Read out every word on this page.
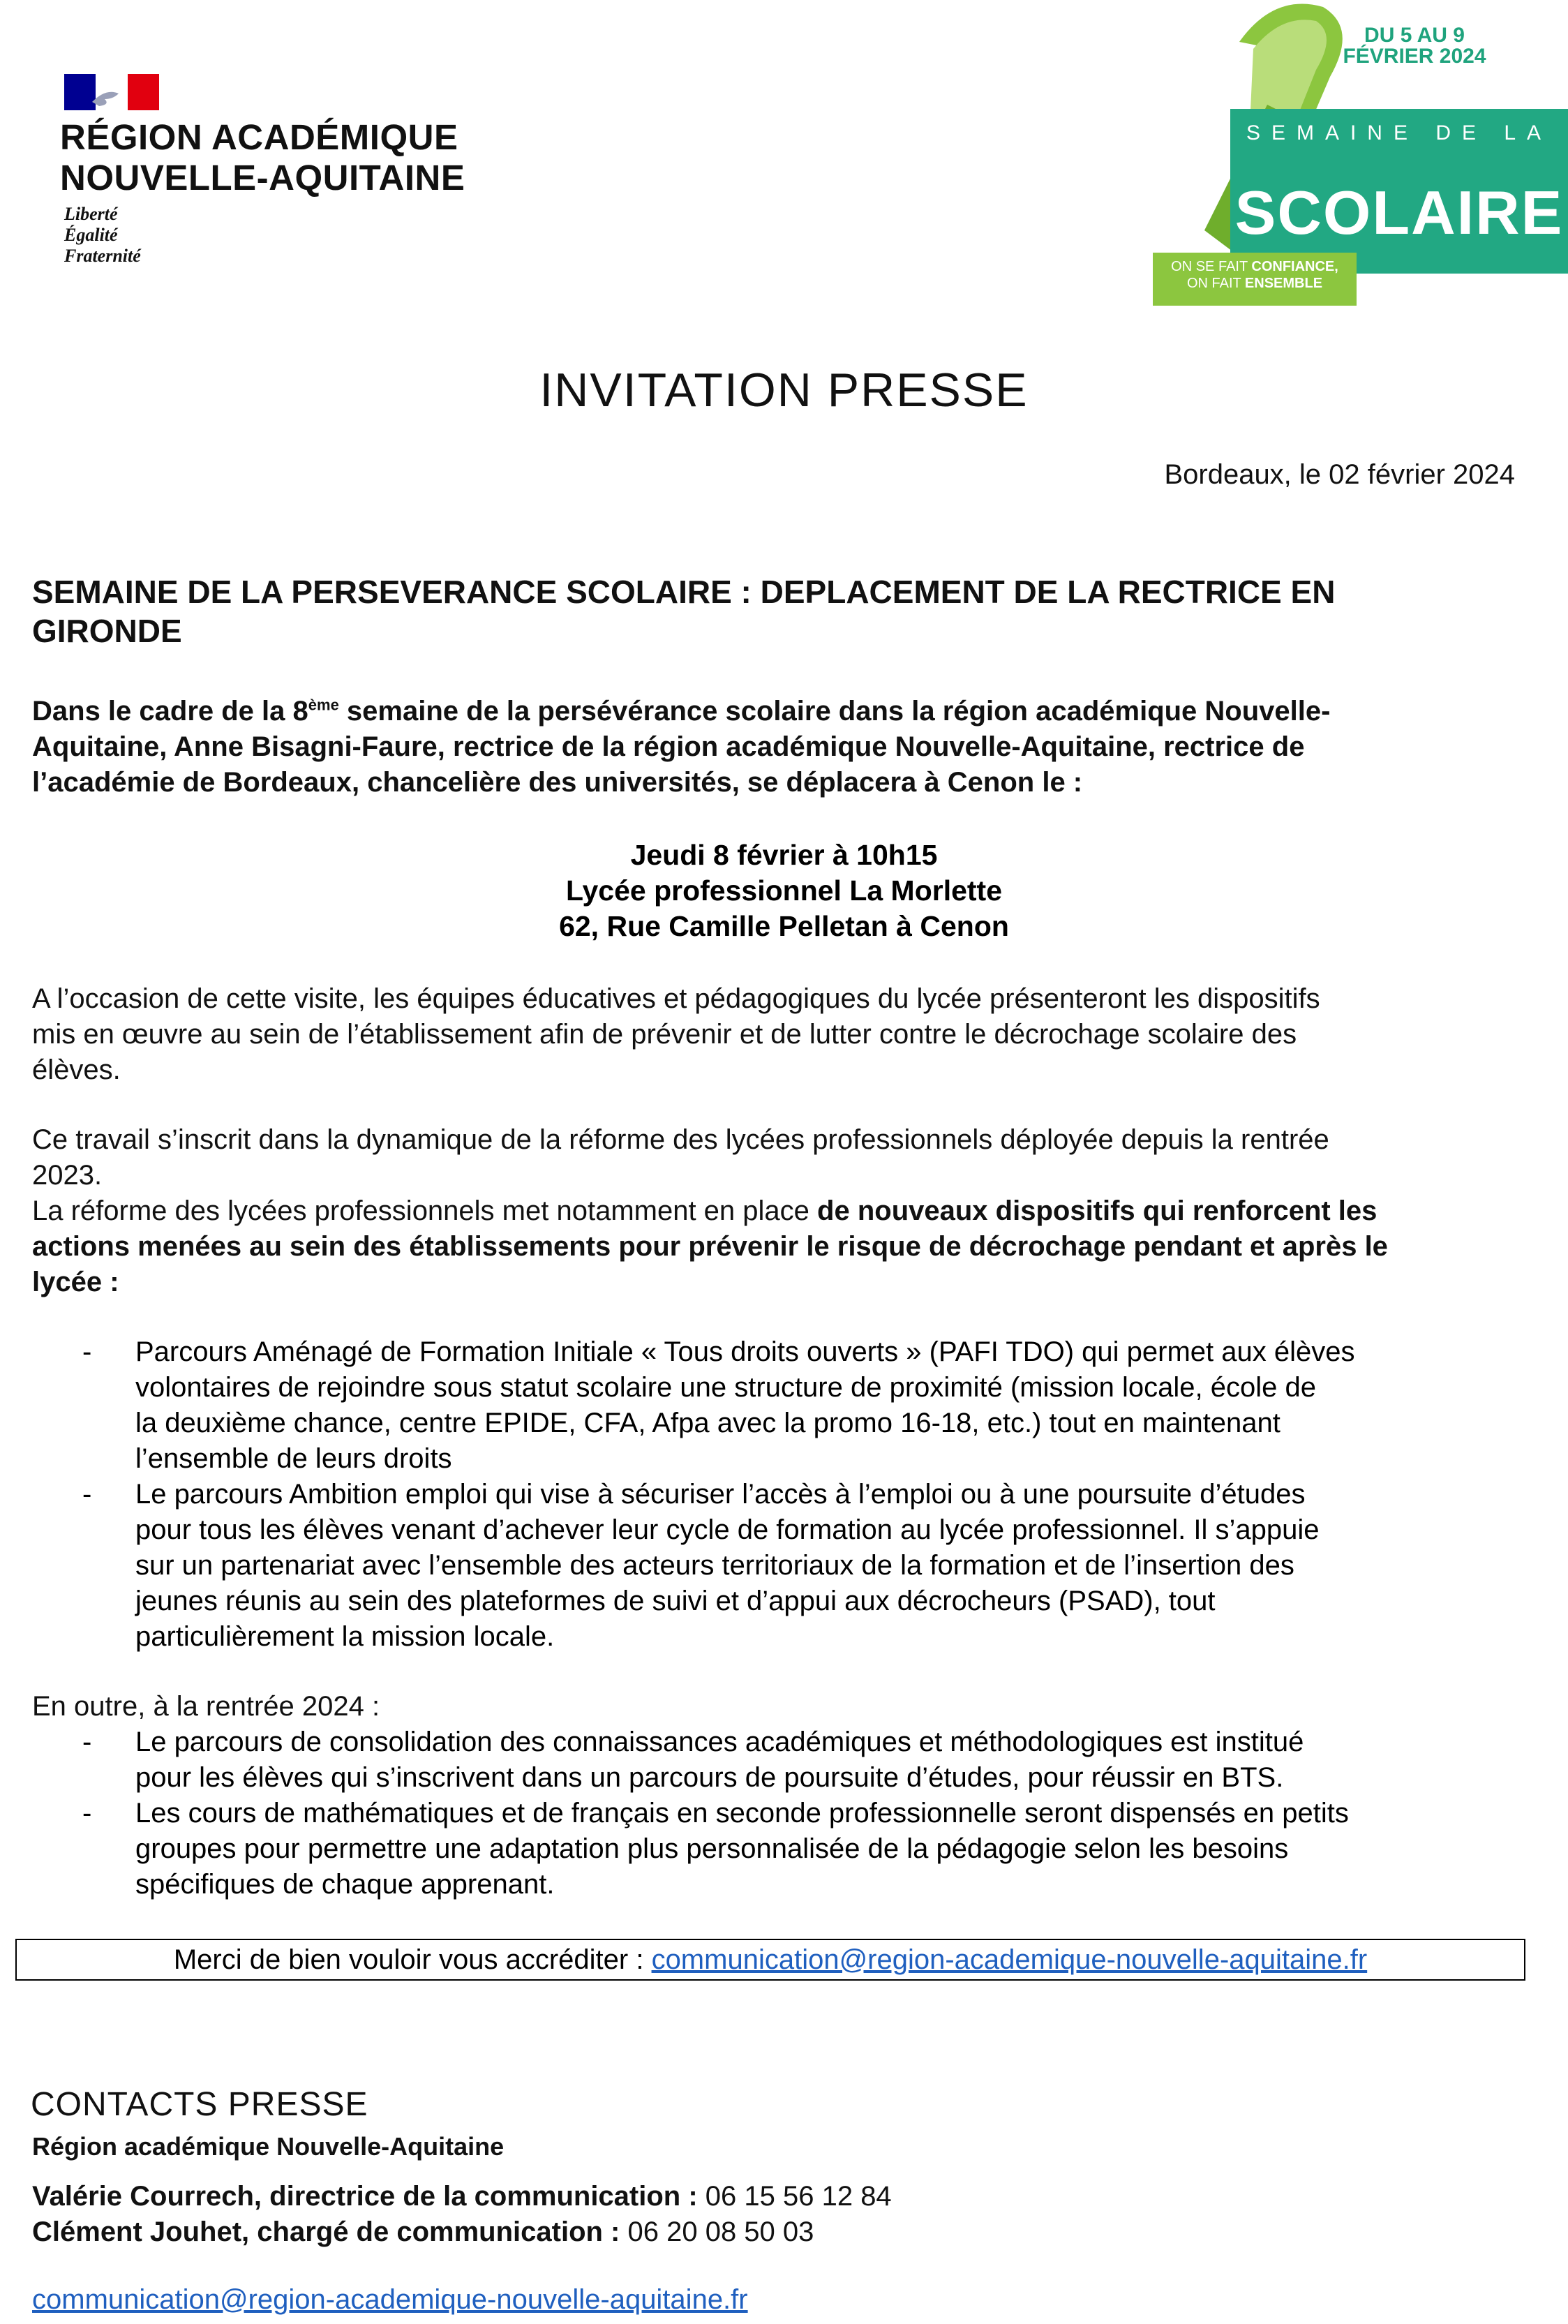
RÉGION ACADÉMIQUE
NOUVELLE-AQUITAINE
Liberté
Égalité
Fraternité
DU 5 AU 9
FÉVRIER 2024
SEMAINE DE LA
SCOLAIRE
ON SE FAIT CONFIANCE,
ON FAIT ENSEMBLE
INVITATION PRESSE
Bordeaux, le 02 février 2024
SEMAINE DE LA PERSEVERANCE SCOLAIRE : DEPLACEMENT DE LA RECTRICE EN
GIRONDE
Dans le cadre de la 8ème semaine de la persévérance scolaire dans la région académique Nouvelle-
Aquitaine, Anne Bisagni-Faure, rectrice de la région académique Nouvelle-Aquitaine, rectrice de
l’académie de Bordeaux, chancelière des universités, se déplacera à Cenon le :
Jeudi 8 février à 10h15
Lycée professionnel La Morlette
62, Rue Camille Pelletan à Cenon
A l’occasion de cette visite, les équipes éducatives et pédagogiques du lycée présenteront les dispositifs
mis en œuvre au sein de l’établissement afin de prévenir et de lutter contre le décrochage scolaire des
élèves.
Ce travail s’inscrit dans la dynamique de la réforme des lycées professionnels déployée depuis la rentrée
2023.
La réforme des lycées professionnels met notamment en place de nouveaux dispositifs qui renforcent les
actions menées au sein des établissements pour prévenir le risque de décrochage pendant et après le
lycée :
- Parcours Aménagé de Formation Initiale « Tous droits ouverts » (PAFI TDO) qui permet aux élèves
volontaires de rejoindre sous statut scolaire une structure de proximité (mission locale, école de
la deuxième chance, centre EPIDE, CFA, Afpa avec la promo 16-18, etc.) tout en maintenant
l’ensemble de leurs droits
- Le parcours Ambition emploi qui vise à sécuriser l’accès à l’emploi ou à une poursuite d’études
pour tous les élèves venant d’achever leur cycle de formation au lycée professionnel. Il s’appuie
sur un partenariat avec l’ensemble des acteurs territoriaux de la formation et de l’insertion des
jeunes réunis au sein des plateformes de suivi et d’appui aux décrocheurs (PSAD), tout
particulièrement la mission locale.
En outre, à la rentrée 2024 :
- Le parcours de consolidation des connaissances académiques et méthodologiques est institué
pour les élèves qui s’inscrivent dans un parcours de poursuite d’études, pour réussir en BTS.
- Les cours de mathématiques et de français en seconde professionnelle seront dispensés en petits
groupes pour permettre une adaptation plus personnalisée de la pédagogie selon les besoins
spécifiques de chaque apprenant.
Merci de bien vouloir vous accréditer : communication@region-academique-nouvelle-aquitaine.fr
CONTACTS PRESSE
Région académique Nouvelle-Aquitaine
Valérie Courrech, directrice de la communication : 06 15 56 12 84
Clément Jouhet, chargé de communication : 06 20 08 50 03
communication@region-academique-nouvelle-aquitaine.fr
